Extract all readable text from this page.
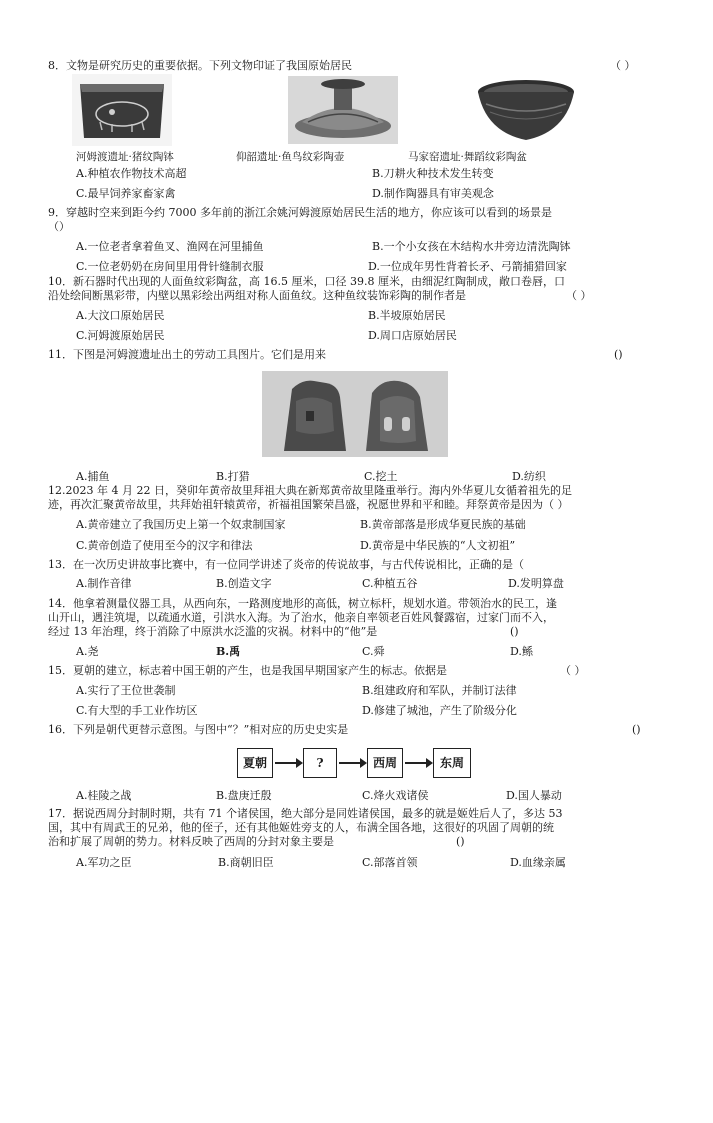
8．文物是研究历史的重要依据。下列文物印证了我国原始居民	（ ）
河姆渡遗址·猪纹陶钵	仰韶遗址·鱼鸟纹彩陶壶	马家窑遗址·舞蹈纹彩陶盆
A.种植农作物技术高超	B.刀耕火种技术发生转变
C.最早饲养家畜家禽	D.制作陶器具有审美观念
9．穿越时空来到距今约 7000 多年前的浙江余姚河姆渡原始居民生活的地方，你应该可以看到的场景是
（）
A.一位老者拿着鱼叉、渔网在河里捕鱼	B.一个小女孩在木结构水井旁边清洗陶钵
C.一位老奶奶在房间里用骨针缝制衣服	D.一位成年男性背着长矛、弓箭捕猎回家
10．新石器时代出现的人面鱼纹彩陶盆，高 16.5 厘米，口径 39.8 厘米，由细泥红陶制成，敞口卷唇，口
沿处绘间断黑彩带，内壁以黑彩绘出两组对称人面鱼纹。这种鱼纹装饰彩陶的制作者是	（ ）
A.大汶口原始居民	B.半坡原始居民
C.河姆渡原始居民	D.周口店原始居民
11．下图是河姆渡遗址出土的劳动工具图片。它们是用来	()
A.捕鱼	B.打猎	C.挖土	D.纺织
12.2023 年 4 月 22 日，癸卯年黄帝故里拜祖大典在新郑黄帝故里隆重举行。海内外华夏儿女循着祖先的足
迹，再次汇聚黄帝故里，共拜始祖轩辕黄帝，祈福祖国繁荣昌盛，祝愿世界和平和睦。拜祭黄帝是因为（ ）
A.黄帝建立了我国历史上第一个奴隶制国家	B.黄帝部落是形成华夏民族的基础
C.黄帝创造了使用至今的汉字和律法	D.黄帝是中华民族的“人文初祖”
13．在一次历史讲故事比赛中，有一位同学讲述了炎帝的传说故事，与古代传说相比，正确的是（
A.制作音律	B.创造文字	C.种植五谷	D.发明算盘
14．他拿着测量仪器工具，从西向东，一路测度地形的高低，树立标杆，规划水道。带领治水的民工，逢
山开山，遇洼筑堤，以疏通水道，引洪水入海。为了治水，他亲自率领老百姓风餐露宿，过家门而不入，
经过 13 年治理，终于消除了中原洪水泛滥的灾祸。材料中的“他”是	()
A.尧	B.禹	C.舜	D.鲧
15．夏朝的建立，标志着中国王朝的产生，也是我国早期国家产生的标志。依据是	（ ）
A.实行了王位世袭制	B.组建政府和军队，并制订法律
C.有大型的手工业作坊区	D.修建了城池，产生了阶级分化
16．下列是朝代更替示意图。与图中“？”相对应的历史史实是	()
夏朝	?	西周	东周
A.桂陵之战	B.盘庚迁殷	C.烽火戏诸侯	D.国人暴动
17．据说西周分封制时期，共有 71 个诸侯国，绝大部分是同姓诸侯国，最多的就是姬姓后人了，多达 53
国，其中有周武王的兄弟，他的侄子，还有其他姬姓旁支的人，布满全国各地，这很好的巩固了周朝的统
治和扩展了周朝的势力。材料反映了西周的分封对象主要是	()
A.军功之臣	B.商朝旧臣	C.部落首领	D.血缘亲属
